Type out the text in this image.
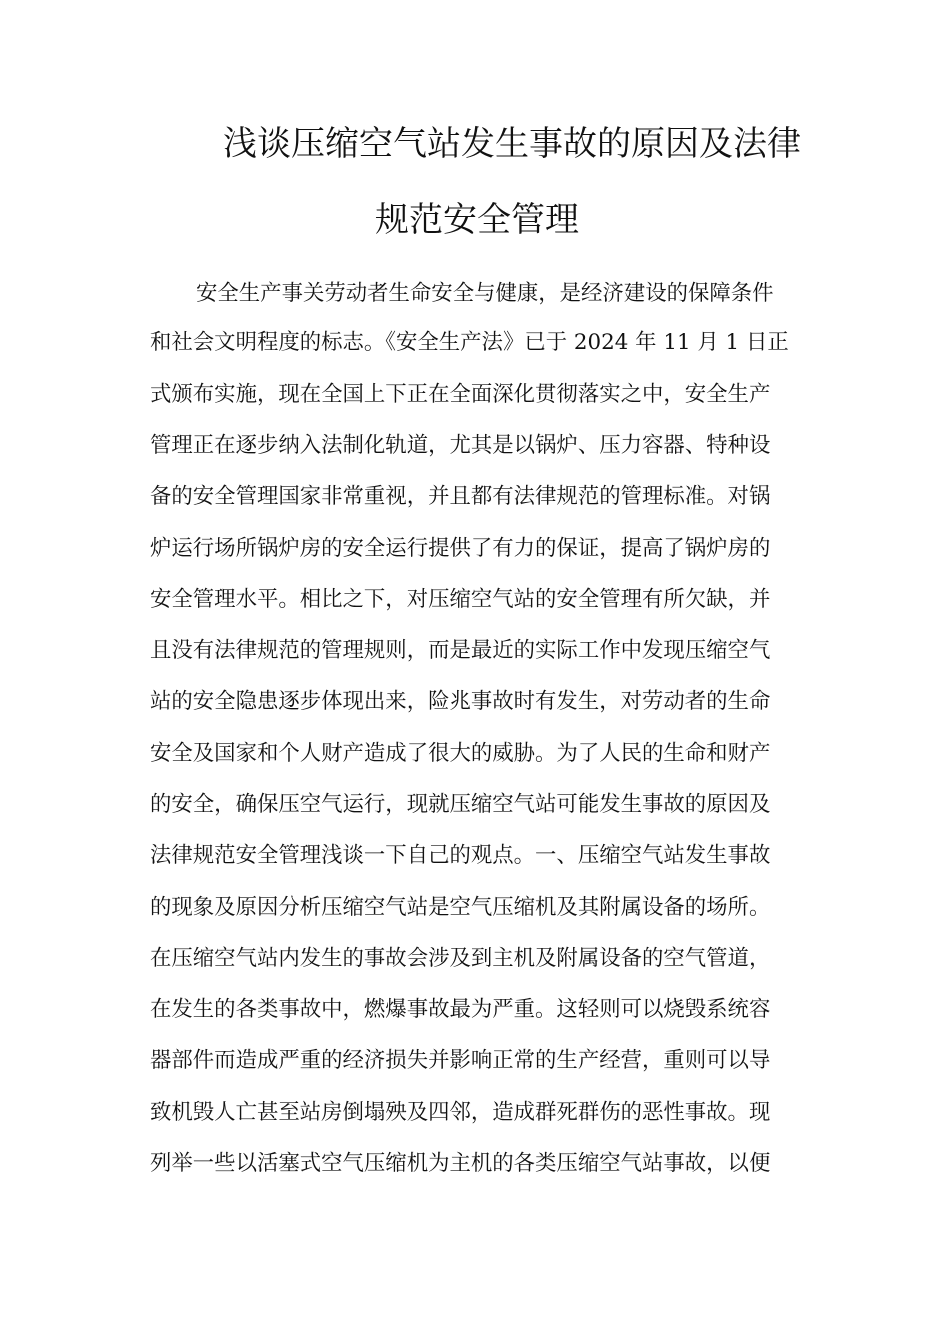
浅谈压缩空气站发生事故的原因及法律
规范安全管理
安全生产事关劳动者生命安全与健康，是经济建设的保障条件
和社会文明程度的标志。《安全生产法》已于 2024 年 11 月 1 日正
式颁布实施，现在全国上下正在全面深化贯彻落实之中，安全生产
管理正在逐步纳入法制化轨道，尤其是以锅炉、压力容器、特种设
备的安全管理国家非常重视，并且都有法律规范的管理标准。对锅
炉运行场所锅炉房的安全运行提供了有力的保证，提高了锅炉房的
安全管理水平。相比之下，对压缩空气站的安全管理有所欠缺，并
且没有法律规范的管理规则，而是最近的实际工作中发现压缩空气
站的安全隐患逐步体现出来，险兆事故时有发生，对劳动者的生命
安全及国家和个人财产造成了很大的威胁。为了人民的生命和财产
的安全，确保压空气运行，现就压缩空气站可能发生事故的原因及
法律规范安全管理浅谈一下自己的观点。一、压缩空气站发生事故
的现象及原因分析压缩空气站是空气压缩机及其附属设备的场所。
在压缩空气站内发生的事故会涉及到主机及附属设备的空气管道，
在发生的各类事故中，燃爆事故最为严重。这轻则可以烧毁系统容
器部件而造成严重的经济损失并影响正常的生产经营，重则可以导
致机毁人亡甚至站房倒塌殃及四邻，造成群死群伤的恶性事故。现
列举一些以活塞式空气压缩机为主机的各类压缩空气站事故，以便
